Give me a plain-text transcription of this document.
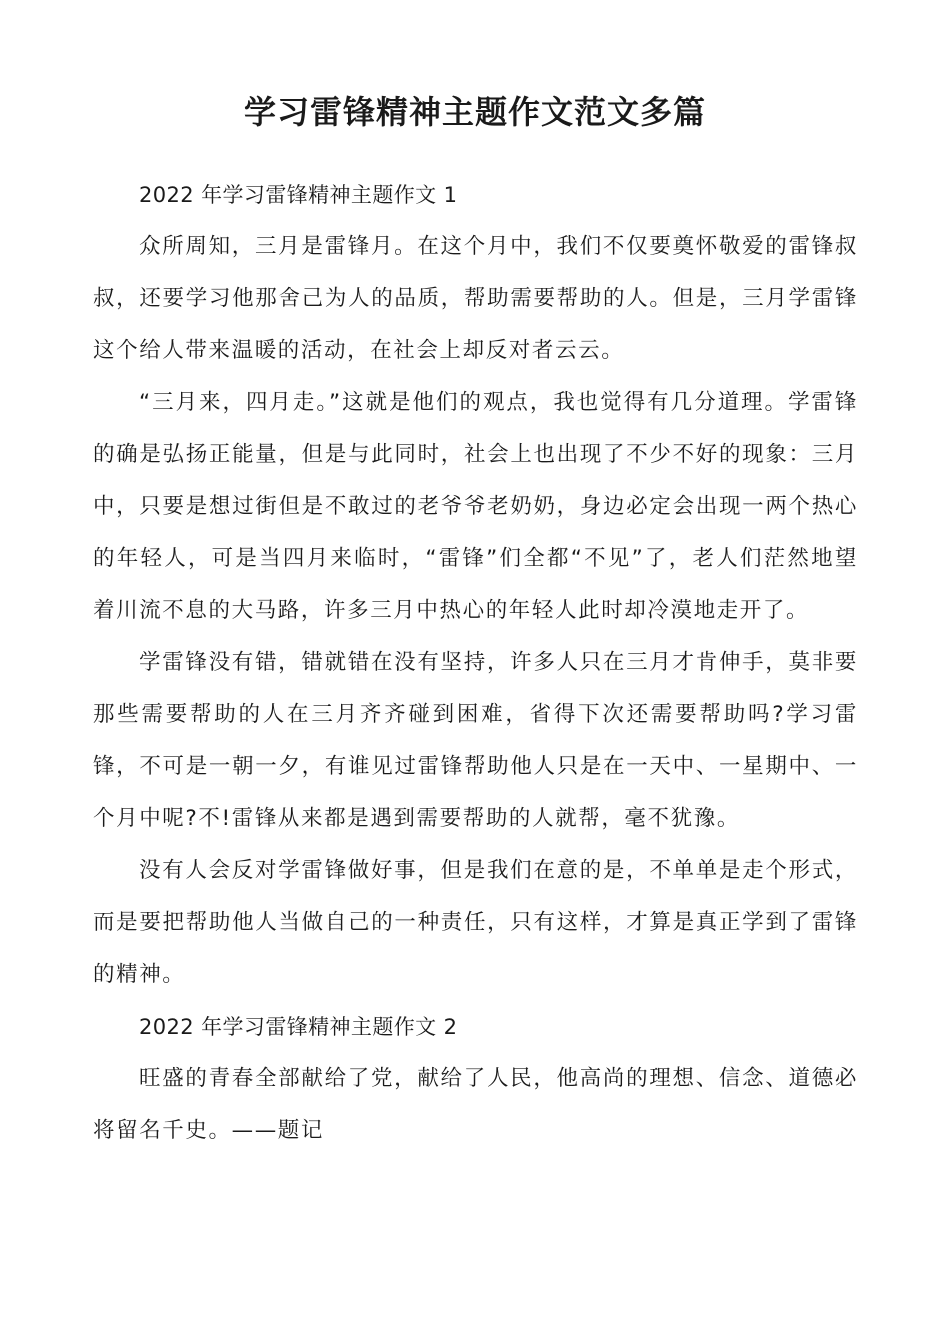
学习雷锋精神主题作文范文多篇

2022 年学习雷锋精神主题作文 1

众所周知，三月是雷锋月。在这个月中，我们不仅要奠怀敬爱的雷锋叔叔，还要学习他那舍己为人的品质，帮助需要帮助的人。但是，三月学雷锋这个给人带来温暖的活动，在社会上却反对者云云。

“三月来，四月走。”这就是他们的观点，我也觉得有几分道理。学雷锋的确是弘扬正能量，但是与此同时，社会上也出现了不少不好的现象：三月中，只要是想过街但是不敢过的老爷爷老奶奶，身边必定会出现一两个热心的年轻人，可是当四月来临时，“雷锋”们全都“不见”了，老人们茫然地望着川流不息的大马路，许多三月中热心的年轻人此时却冷漠地走开了。

学雷锋没有错，错就错在没有坚持，许多人只在三月才肯伸手，莫非要那些需要帮助的人在三月齐齐碰到困难，省得下次还需要帮助吗?学习雷锋，不可是一朝一夕，有谁见过雷锋帮助他人只是在一天中、一星期中、一个月中呢?不!雷锋从来都是遇到需要帮助的人就帮，毫不犹豫。

没有人会反对学雷锋做好事，但是我们在意的是，不单单是走个形式，而是要把帮助他人当做自己的一种责任，只有这样，才算是真正学到了雷锋的精神。

2022 年学习雷锋精神主题作文 2

旺盛的青春全部献给了党，献给了人民，他高尚的理想、信念、道德必将留名千史。——题记
